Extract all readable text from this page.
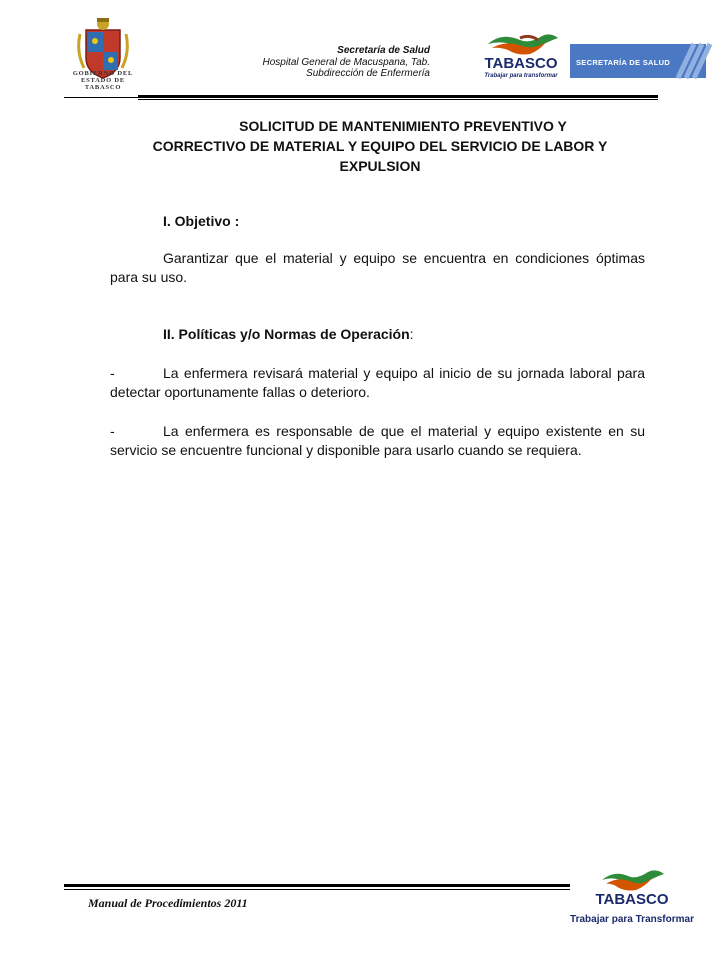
GOBIERNO DEL
ESTADO DE
TABASCO
Secretaría de Salud
Hospital General de Macuspana, Tab.
Subdirección de Enfermería
TABASCO
Trabajar para transformar
SECRETARÍA DE SALUD
SOLICITUD DE MANTENIMIENTO PREVENTIVO Y
CORRECTIVO DE MATERIAL Y EQUIPO DEL SERVICIO DE LABOR Y
EXPULSION
I. Objetivo :
Garantizar que el material y equipo se encuentra en condiciones óptimas para su uso.
II. Políticas y/o Normas de Operación:
-	La enfermera revisará material y equipo al inicio de su jornada laboral para detectar oportunamente fallas o deterioro.
-	La enfermera es responsable de que el material y equipo existente en su servicio se encuentre funcional y disponible para usarlo cuando se requiera.
Manual de Procedimientos 2011	TABASCO
Trabajar para Transformar
